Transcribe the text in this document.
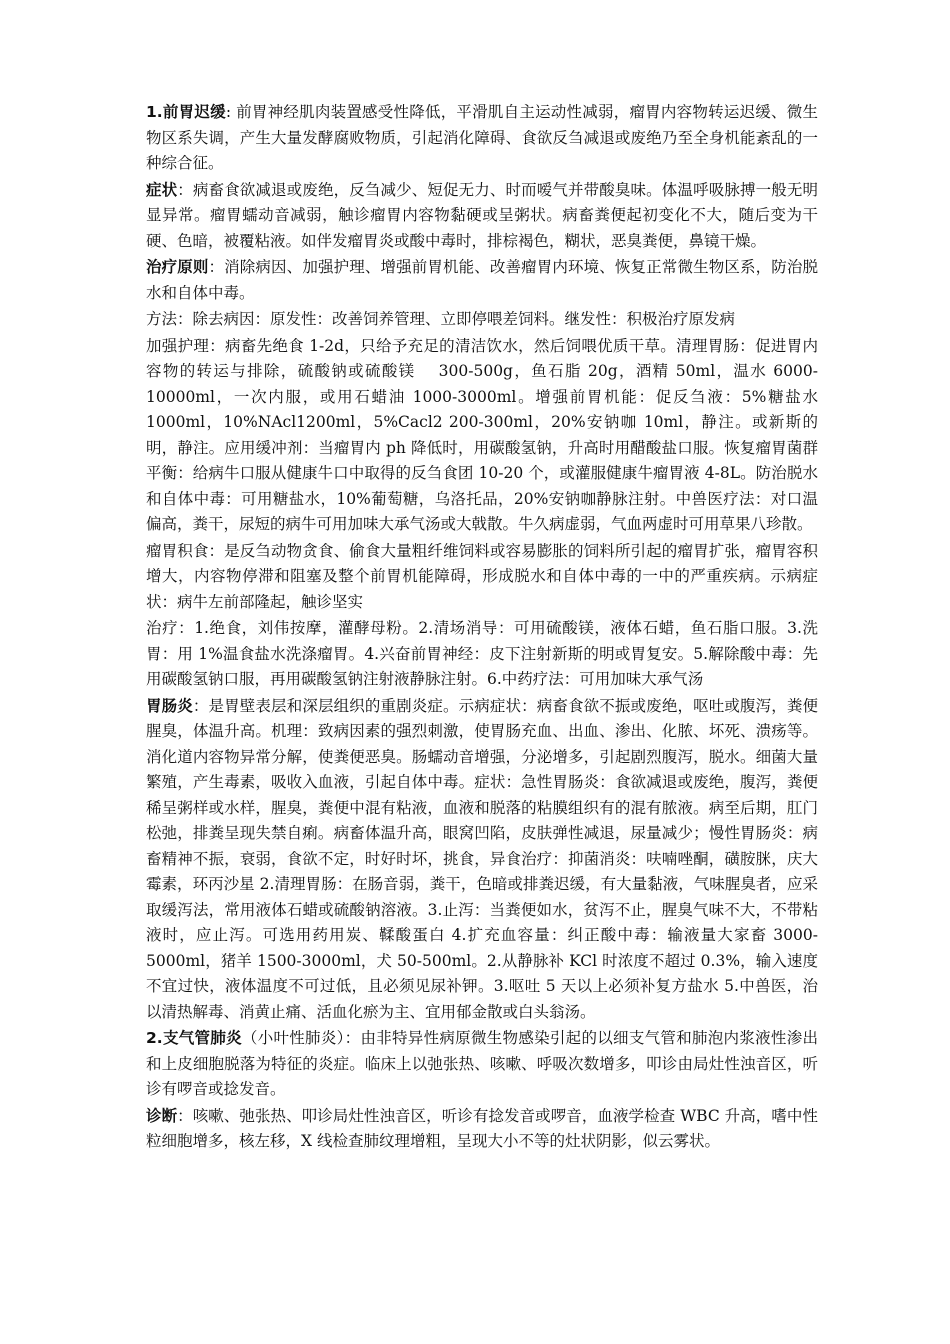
1.前胃迟缓: 前胃神经肌肉装置感受性降低，平滑肌自主运动性减弱，瘤胃内容物转运迟缓、微生物区系失调，产生大量发酵腐败物质，引起消化障碍、食欲反刍减退或废绝乃至全身机能紊乱的一种综合征。

症状：病畜食欲减退或废绝，反刍减少、短促无力、时而嗳气并带酸臭味。体温呼吸脉搏一般无明显异常。瘤胃蠕动音减弱，触诊瘤胃内容物黏硬或呈粥状。病畜粪便起初变化不大，随后变为干硬、色暗，被覆粘液。如伴发瘤胃炎或酸中毒时，排棕褐色，糊状，恶臭粪便，鼻镜干燥。

治疗原则：消除病因、加强护理、增强前胃机能、改善瘤胃内环境、恢复正常微生物区系，防治脱水和自体中毒。

方法：除去病因：原发性：改善饲养管理、立即停喂差饲料。继发性：积极治疗原发病

加强护理：病畜先绝食 1-2d，只给予充足的清洁饮水，然后饲喂优质干草。清理胃肠：促进胃内容物的转运与排除，硫酸钠或硫酸镁　 300-500g，鱼石脂 20g，酒精 50ml，温水 6000-10000ml，一次内服，或用石蜡油 1000-3000ml。增强前胃机能：促反刍液：5%糖盐水 1000ml，10%NAcl1200ml，5%Cacl2 200-300ml，20%安钠咖 10ml，静注。或新斯的明，静注。应用缓冲剂：当瘤胃内 ph 降低时，用碳酸氢钠，升高时用醋酸盐口服。恢复瘤胃菌群平衡：给病牛口服从健康牛口中取得的反刍食团 10-20 个，或灌服健康牛瘤胃液 4-8L。防治脱水和自体中毒：可用糖盐水，10%葡萄糖，乌洛托品，20%安钠咖静脉注射。中兽医疗法：对口温偏高，粪干，尿短的病牛可用加味大承气汤或大戟散。牛久病虚弱，气血两虚时可用草果八珍散。

瘤胃积食：是反刍动物贪食、偷食大量粗纤维饲料或容易膨胀的饲料所引起的瘤胃扩张，瘤胃容积增大，内容物停滞和阻塞及整个前胃机能障碍，形成脱水和自体中毒的一中的严重疾病。示病症状：病牛左前部隆起，触诊坚实

治疗：1.绝食，刘伟按摩，灌酵母粉。2.清场消导：可用硫酸镁，液体石蜡，鱼石脂口服。3.洗胃：用 1%温食盐水洗涤瘤胃。4.兴奋前胃神经：皮下注射新斯的明或胃复安。5.解除酸中毒：先用碳酸氢钠口服，再用碳酸氢钠注射液静脉注射。6.中药疗法：可用加味大承气汤

胃肠炎：是胃壁表层和深层组织的重剧炎症。示病症状：病畜食欲不振或废绝，呕吐或腹泻，粪便腥臭，体温升高。机理：致病因素的强烈刺激，使胃肠充血、出血、渗出、化脓、坏死、溃疡等。消化道内容物异常分解，使粪便恶臭。肠蠕动音增强，分泌增多，引起剧烈腹泻，脱水。细菌大量繁殖，产生毒素，吸收入血液，引起自体中毒。症状：急性胃肠炎：食欲减退或废绝，腹泻，粪便稀呈粥样或水样，腥臭，粪便中混有粘液，血液和脱落的粘膜组织有的混有脓液。病至后期，肛门松弛，排粪呈现失禁自痢。病畜体温升高，眼窝凹陷，皮肤弹性减退，尿量减少；慢性胃肠炎：病畜精神不振，衰弱，食欲不定，时好时坏，挑食，异食治疗：抑菌消炎：呋喃唑酮，磺胺脒，庆大霉素，环丙沙星 2.清理胃肠：在肠音弱，粪干，色暗或排粪迟缓，有大量黏液，气味腥臭者，应采取缓泻法，常用液体石蜡或硫酸钠溶液。3.止泻：当粪便如水，贫泻不止，腥臭气味不大，不带粘液时，应止泻。可选用药用炭、鞣酸蛋白 4.扩充血容量：纠正酸中毒：输液量大家畜 3000-5000ml，猪羊 1500-3000ml，犬 50-500ml。2.从静脉补 KCl 时浓度不超过 0.3%，输入速度不宜过快，液体温度不可过低，且必须见尿补钾。3.呕吐 5 天以上必须补复方盐水 5.中兽医，治以清热解毒、消黄止痛、活血化瘀为主、宜用郁金散或白头翁汤。

2.支气管肺炎（小叶性肺炎）：由非特异性病原微生物感染引起的以细支气管和肺泡内浆液性渗出和上皮细胞脱落为特征的炎症。临床上以弛张热、咳嗽、呼吸次数增多，叩诊由局灶性浊音区，听诊有啰音或捻发音。

诊断：咳嗽、弛张热、叩诊局灶性浊音区，听诊有捻发音或啰音，血液学检查 WBC 升高，嗜中性粒细胞增多，核左移，X 线检查肺纹理增粗，呈现大小不等的灶状阴影，似云雾状。
